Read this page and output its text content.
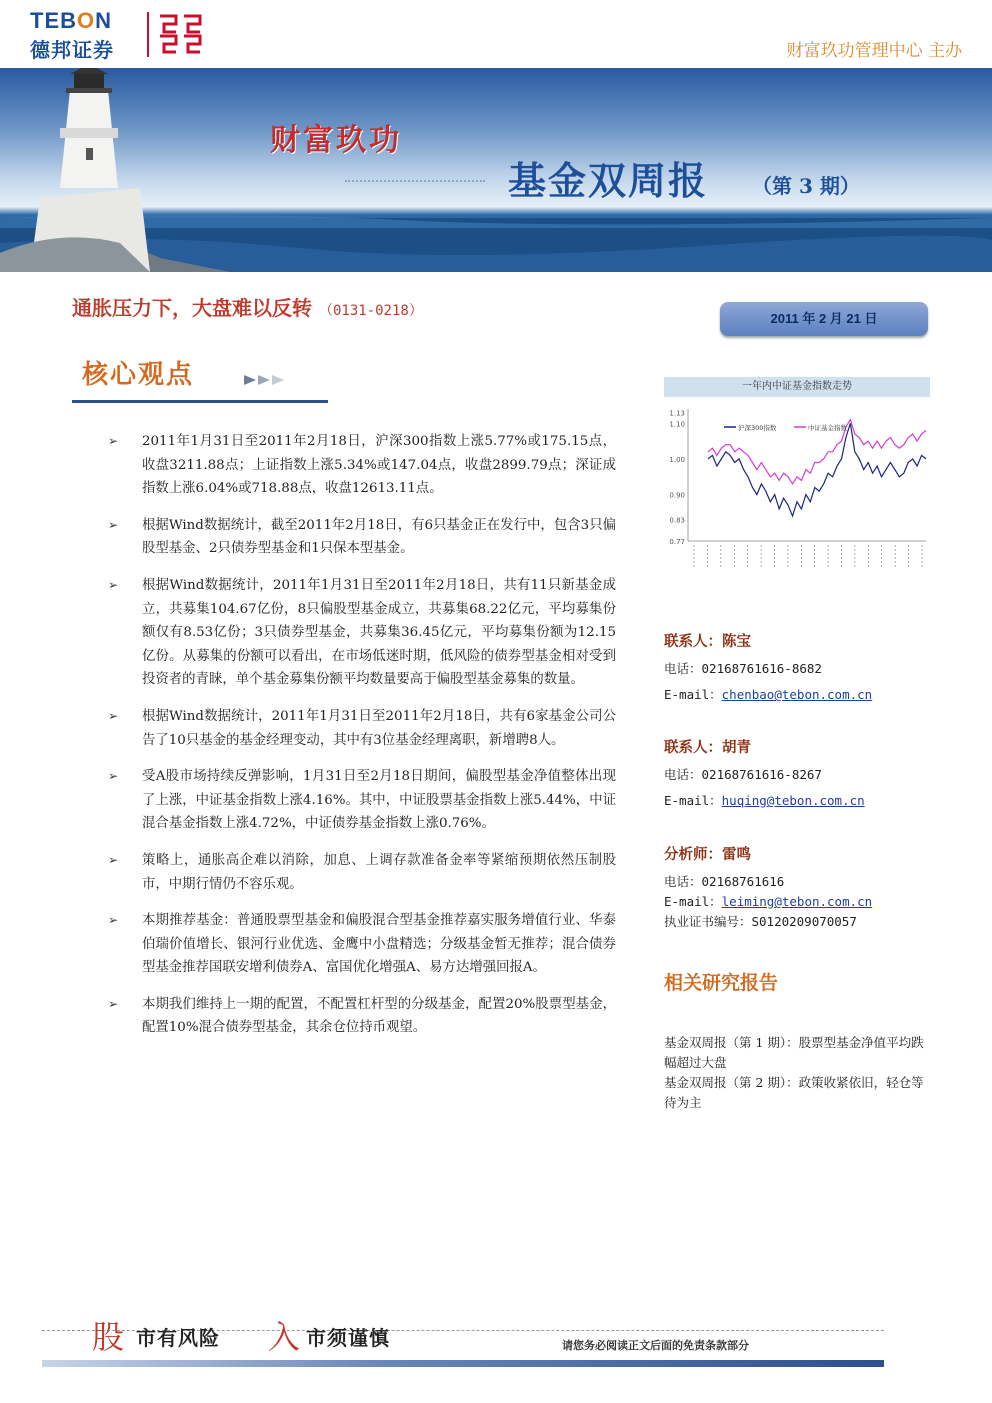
TEBON
德邦证券	财富玖功管理中心 主办
财富玖功
基金双周报 （第 3 期）
通胀压力下，大盘难以反转 （0131-0218）	2011 年 2 月 21 日
核心观点
➢ 2011年1月31日至2011年2月18日，沪深300指数上涨5.77%或175.15点，收盘3211.88点；上证指数上涨5.34%或147.04点，收盘2899.79点；深证成指数上涨6.04%或718.88点，收盘12613.11点。
➢ 根据Wind数据统计，截至2011年2月18日，有6只基金正在发行中，包含3只偏股型基金、2只债券型基金和1只保本型基金。
➢ 根据Wind数据统计，2011年1月31日至2011年2月18日，共有11只新基金成立，共募集104.67亿份，8只偏股型基金成立，共募集68.22亿元，平均募集份额仅有8.53亿份；3只债券型基金，共募集36.45亿元，平均募集份额为12.15亿份。从募集的份额可以看出，在市场低迷时期，低风险的债券型基金相对受到投资者的青睐，单个基金募集份额平均数量要高于偏股型基金募集的数量。
➢ 根据Wind数据统计，2011年1月31日至2011年2月18日，共有6家基金公司公告了10只基金的基金经理变动，其中有3位基金经理离职，新增聘8人。
➢ 受A股市场持续反弹影响，1月31日至2月18日期间，偏股型基金净值整体出现了上涨，中证基金指数上涨4.16%。其中，中证股票基金指数上涨5.44%，中证混合基金指数上涨4.72%，中证债券基金指数上涨0.76%。
➢ 策略上，通胀高企难以消除，加息、上调存款准备金率等紧缩预期依然压制股市，中期行情仍不容乐观。
➢ 本期推荐基金：普通股票型基金和偏股混合型基金推荐嘉实服务增值行业、华泰伯瑞价值增长、银河行业优选、金鹰中小盘精选；分级基金暂无推荐；混合债券型基金推荐国联安增利债券A、富国优化增强A、易方达增强回报A。
➢ 本期我们维持上一期的配置，不配置杠杆型的分级基金，配置20%股票型基金，配置10%混合债券型基金，其余仓位持币观望。
一年内中证基金指数走势
1.13
1.10
1.00
0.90
0.83
0.77
沪深300指数	中证基金指数
联系人：陈宝
电话：02168761616-8682
E-mail：chenbao@tebon.com.cn
联系人：胡青
电话：02168761616-8267
E-mail：huqing@tebon.com.cn
分析师：雷鸣
电话：02168761616
E-mail：leiming@tebon.com.cn
执业证书编号：S0120209070057
相关研究报告
基金双周报（第 1 期）：股票型基金净值平均跌幅超过大盘
基金双周报（第 2 期）：政策收紧依旧，轻仓等待为主
股 市有风险 入 市须谨慎	请您务必阅读正文后面的免责条款部分
